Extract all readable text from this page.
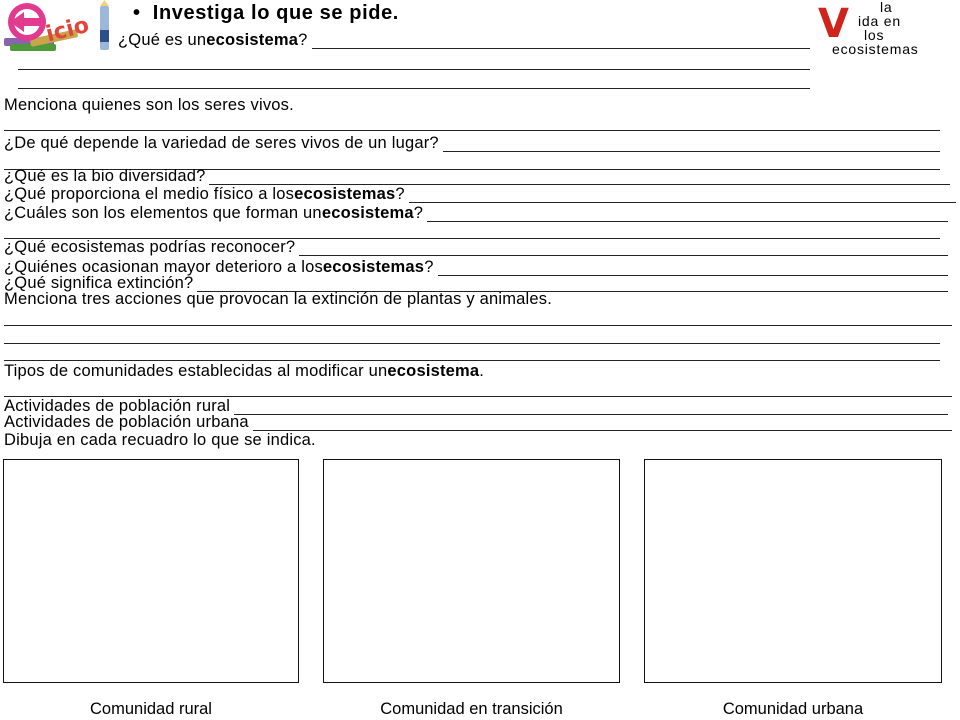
icio • Investiga lo que se pide.	V la
ida en
los
ecosistemas
¿Qué es un ecosistema ?
Menciona quienes son los seres vivos.
¿De qué depende la variedad de seres vivos de un lugar?
¿Qué es la bio diversidad?
¿Qué proporciona el medio físico a los ecosistemas ?
¿Cuáles son los elementos que forman un ecosistema ?
¿Qué ecosistemas podrías reconocer?
¿Quiénes ocasionan mayor deterioro a los ecosistemas ?
¿Qué significa extinción?
Menciona tres acciones que provocan la extinción de plantas y animales.
Tipos de comunidades establecidas al modificar un ecosistema .
Actividades de población rural
Actividades de población urbana
Dibuja en cada recuadro lo que se indica.
Comunidad rural	Comunidad en transición	Comunidad urbana
